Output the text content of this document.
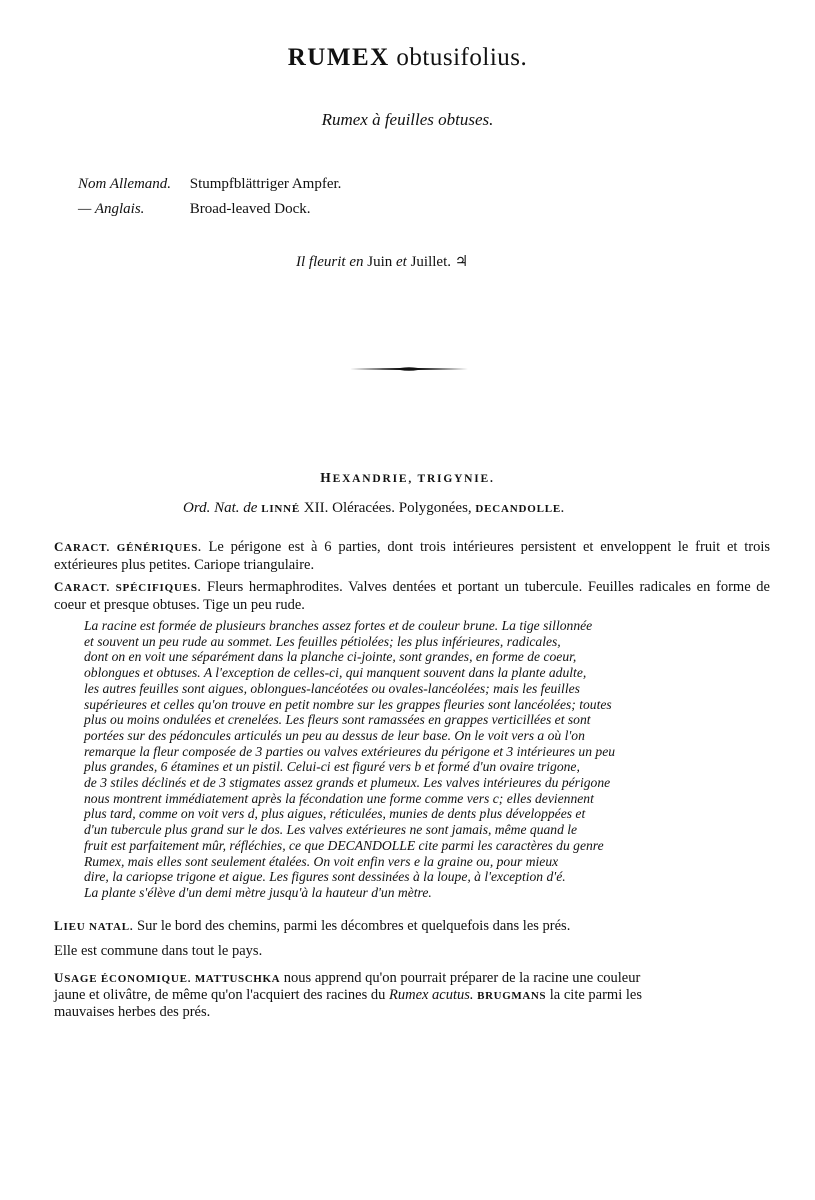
RUMEX obtusifolius.
Rumex à feuilles obtuses.
Nom Allemand. Stumpfblättriger Ampfer.
— Anglais.	Broad-leaved Dock.
Il fleurit en Juin et Juillet. ♃
HEXANDRIE, TRIGYNIE.
Ord. Nat. de LINNÉ XII. Oléracées. Polygonées, DECANDOLLE.
CARACT. GÉNÉRIQUES. Le périgone est à 6 parties, dont trois intérieures persistent et enveloppent le fruit et trois extérieures plus petites. Cariope triangulaire.
CARACT. SPÉCIFIQUES. Fleurs hermaphrodites. Valves dentées et portant un tubercule. Feuilles radicales en forme de coeur et presque obtuses. Tige un peu rude.
La racine est formée de plusieurs branches assez fortes et de couleur brune. La tige sillonnée
et souvent un peu rude au sommet. Les feuilles pétiolées; les plus inférieures, radicales,
dont on en voit une séparément dans la planche ci-jointe, sont grandes, en forme de coeur,
oblongues et obtuses. A l'exception de celles-ci, qui manquent souvent dans la plante adulte,
les autres feuilles sont aigues, oblongues-lancéotées ou ovales-lancéolées; mais les feuilles
supérieures et celles qu'on trouve en petit nombre sur les grappes fleuries sont lancéolées; toutes
plus ou moins ondulées et crenelées. Les fleurs sont ramassées en grappes verticillées et sont
portées sur des pédoncules articulés un peu au dessus de leur base. On le voit vers a où l'on
remarque la fleur composée de 3 parties ou valves extérieures du périgone et 3 intérieures un peu
plus grandes, 6 étamines et un pistil. Celui-ci est figuré vers b et formé d'un ovaire trigone,
de 3 stiles déclinés et de 3 stigmates assez grands et plumeux. Les valves intérieures du périgone
nous montrent immédiatement après la fécondation une forme comme vers c; elles deviennent
plus tard, comme on voit vers d, plus aigues, réticulées, munies de dents plus développées et
d'un tubercule plus grand sur le dos. Les valves extérieures ne sont jamais, même quand le
fruit est parfaitement mûr, réfléchies, ce que DECANDOLLE cite parmi les caractères du genre
Rumex, mais elles sont seulement étalées. On voit enfin vers e la graine ou, pour mieux
dire, la cariopse trigone et aigue. Les figures sont dessinées à la loupe, à l'exception d'é.
La plante s'élève d'un demi mètre jusqu'à la hauteur d'un mètre.
LIEU NATAL. Sur le bord des chemins, parmi les décombres et quelquefois dans les prés.
Elle est commune dans tout le pays.
USAGE ÉCONOMIQUE. MATTUSCHKA nous apprend qu'on pourrait préparer de la racine une couleur
jaune et olivâtre, de même qu'on l'acquiert des racines du Rumex acutus. BRUGMANS la cite parmi les
mauvaises herbes des prés.
